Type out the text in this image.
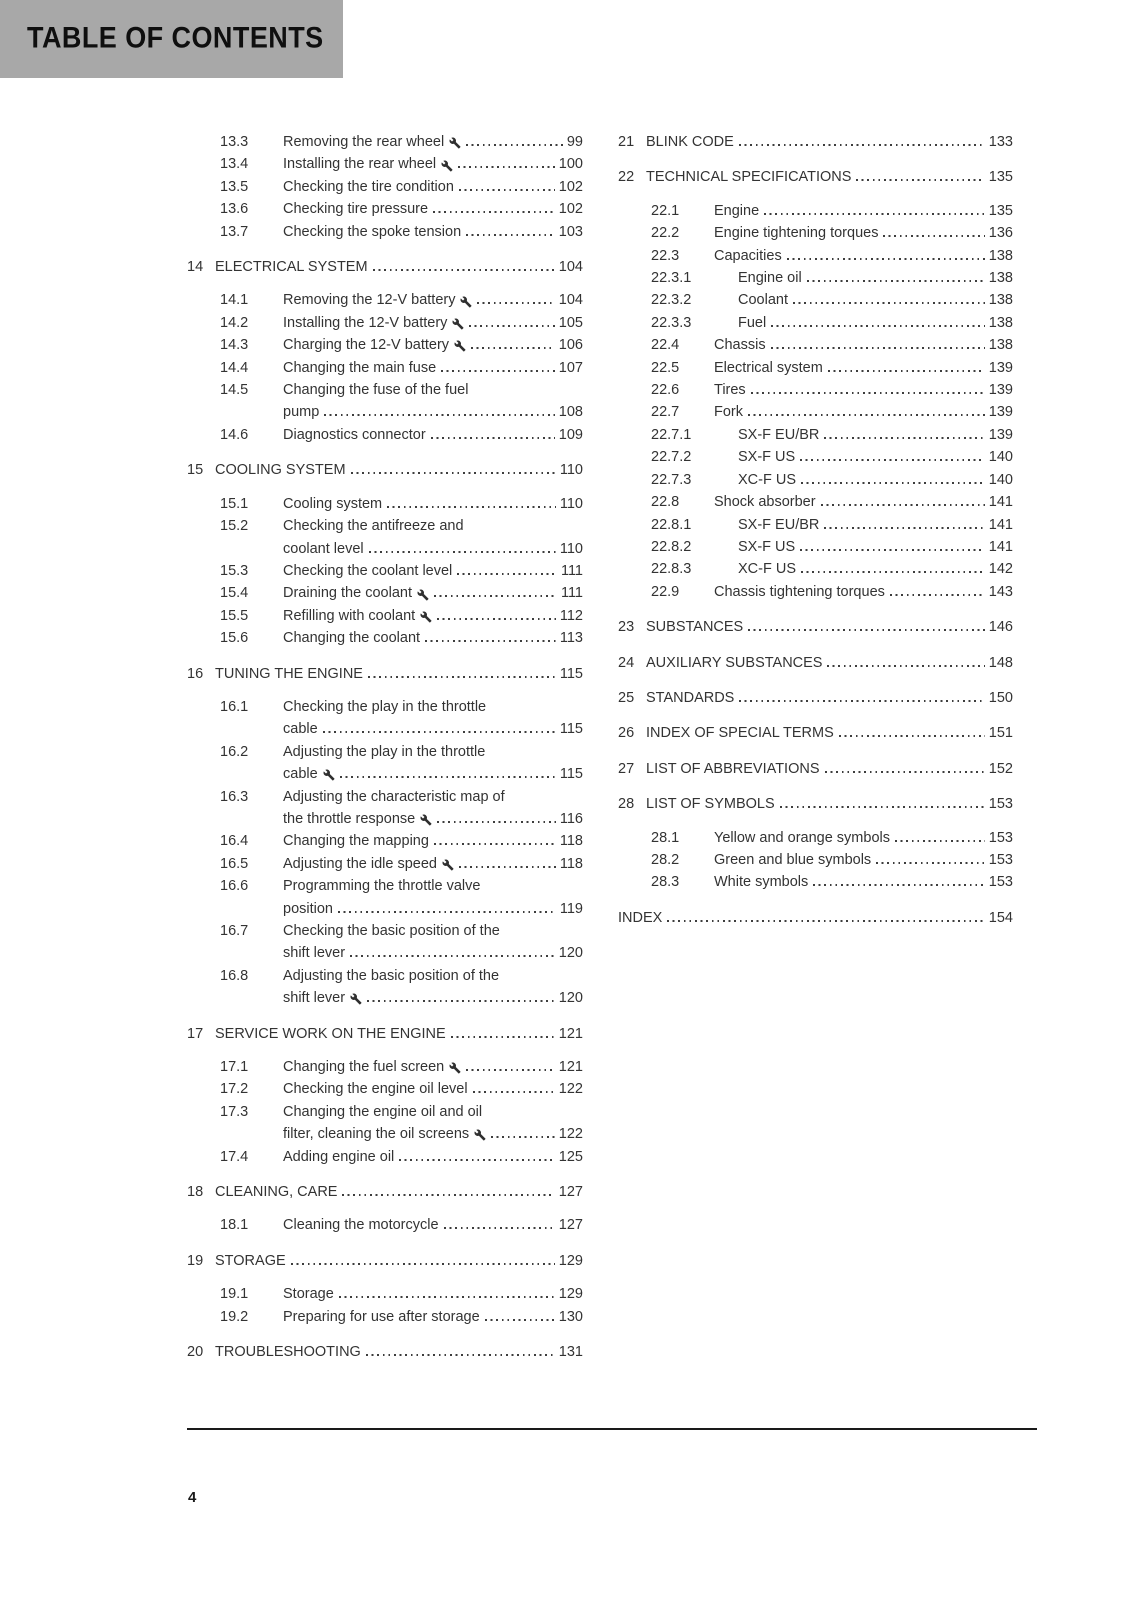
TABLE OF CONTENTS
13.3	Removing the rear wheel	99
13.4	Installing the rear wheel	100
13.5	Checking the tire condition	102
13.6	Checking tire pressure	102
13.7	Checking the spoke tension	103
14 ELECTRICAL SYSTEM	104
14.1	Removing the 12-V battery	104
14.2	Installing the 12-V battery	105
14.3	Charging the 12-V battery	106
14.4	Changing the main fuse	107
14.5	Changing the fuse of the fuel
pump	108
14.6	Diagnostics connector	109
15 COOLING SYSTEM	110
15.1	Cooling system	110
15.2	Checking the antifreeze and
coolant level	110
15.3	Checking the coolant level	111
15.4	Draining the coolant	111
15.5	Refilling with coolant	112
15.6	Changing the coolant	113
16 TUNING THE ENGINE	115
16.1	Checking the play in the throttle
cable	115
16.2	Adjusting the play in the throttle
cable	115
16.3	Adjusting the characteristic map of
the throttle response	116
16.4	Changing the mapping	118
16.5	Adjusting the idle speed	118
16.6	Programming the throttle valve
position	119
16.7	Checking the basic position of the
shift lever	120
16.8	Adjusting the basic position of the
shift lever	120
17 SERVICE WORK ON THE ENGINE	121
17.1	Changing the fuel screen	121
17.2	Checking the engine oil level	122
17.3	Changing the engine oil and oil
filter, cleaning the oil screens	122
17.4	Adding engine oil	125
18 CLEANING, CARE	127
18.1	Cleaning the motorcycle	127
19 STORAGE	129
19.1	Storage	129
19.2	Preparing for use after storage	130
20 TROUBLESHOOTING	131
21 BLINK CODE	133
22 TECHNICAL SPECIFICATIONS	135
22.1	Engine	135
22.2	Engine tightening torques	136
22.3	Capacities	138
22.3.1	Engine oil	138
22.3.2	Coolant	138
22.3.3	Fuel	138
22.4	Chassis	138
22.5	Electrical system	139
22.6	Tires	139
22.7	Fork	139
22.7.1	SX-F EU/BR	139
22.7.2	SX-F US	140
22.7.3	XC-F US	140
22.8	Shock absorber	141
22.8.1	SX-F EU/BR	141
22.8.2	SX-F US	141
22.8.3	XC-F US	142
22.9	Chassis tightening torques	143
23 SUBSTANCES	146
24 AUXILIARY SUBSTANCES	148
25 STANDARDS	150
26 INDEX OF SPECIAL TERMS	151
27 LIST OF ABBREVIATIONS	152
28 LIST OF SYMBOLS	153
28.1	Yellow and orange symbols	153
28.2	Green and blue symbols	153
28.3	White symbols	153
INDEX	154
4
